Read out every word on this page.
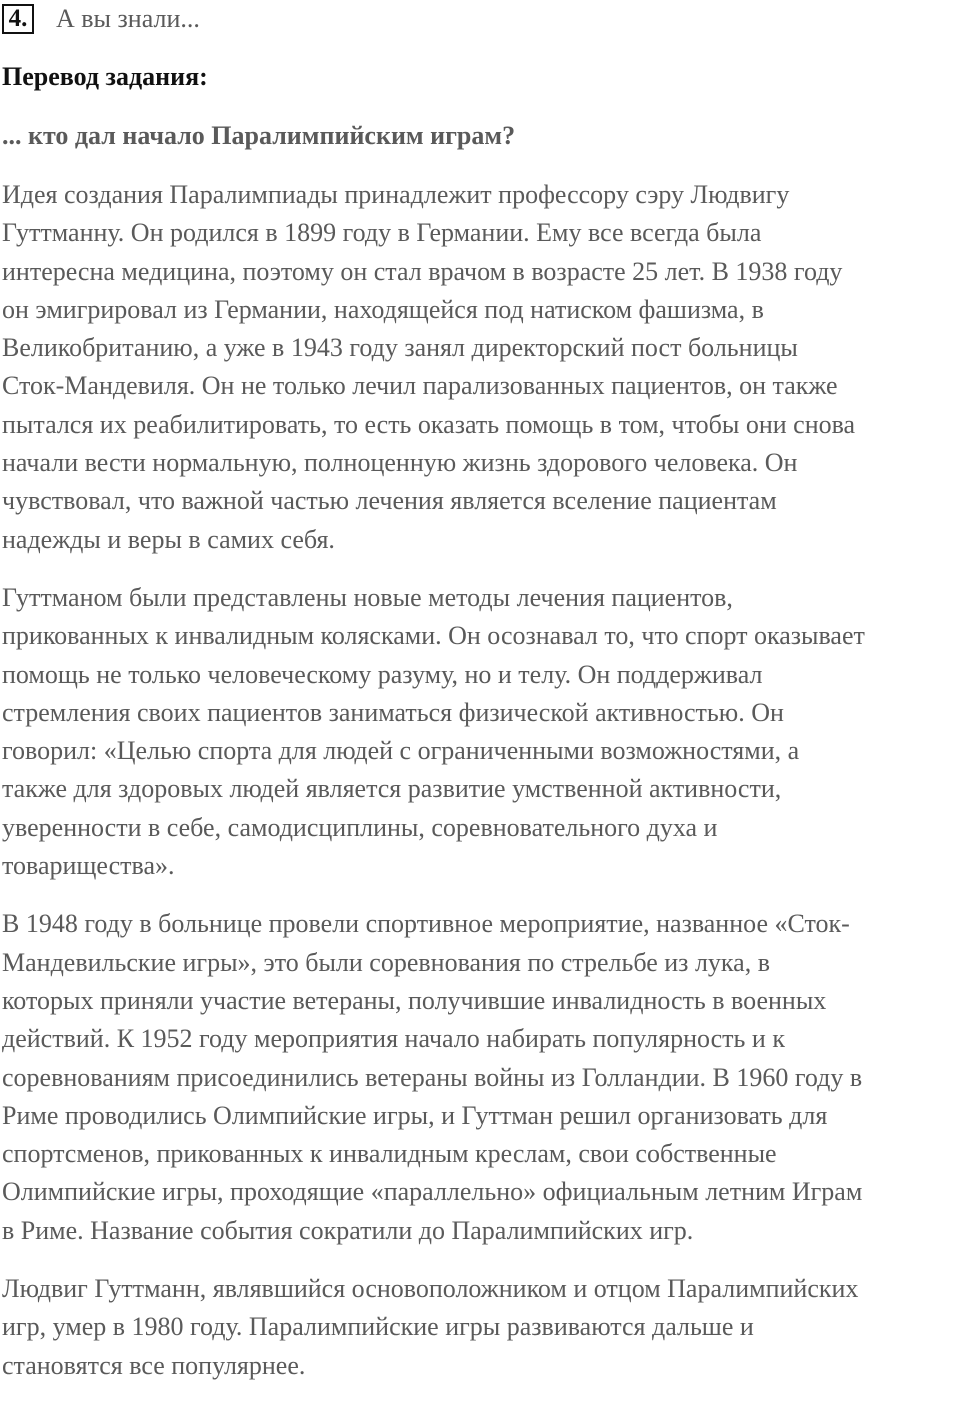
4. А вы знали...
Перевод задания:
... кто дал начало Паралимпийским играм?

Идея создания Паралимпиады принадлежит профессору сэру Людвигу
Гуттманну. Он родился в 1899 году в Германии. Ему все всегда была
интересна медицина, поэтому он стал врачом в возрасте 25 лет. В 1938 году
он эмигрировал из Германии, находящейся под натиском фашизма, в
Великобританию, а уже в 1943 году занял директорский пост больницы
Сток-Мандевиля. Он не только лечил парализованных пациентов, он также
пытался их реабилитировать, то есть оказать помощь в том, чтобы они снова
начали вести нормальную, полноценную жизнь здорового человека. Он
чувствовал, что важной частью лечения является вселение пациентам
надежды и веры в самих себя.

Гуттманом были представлены новые методы лечения пациентов,
прикованных к инвалидным колясками. Он осознавал то, что спорт оказывает
помощь не только человеческому разуму, но и телу. Он поддерживал
стремления своих пациентов заниматься физической активностью. Он
говорил: «Целью спорта для людей с ограниченными возможностями, а
также для здоровых людей является развитие умственной активности,
уверенности в себе, самодисциплины, соревновательного духа и
товарищества».

В 1948 году в больнице провели спортивное мероприятие, названное «Сток-
Мандевильские игры», это были соревнования по стрельбе из лука, в
которых приняли участие ветераны, получившие инвалидность в военных
действий. К 1952 году мероприятия начало набирать популярность и к
соревнованиям присоединились ветераны войны из Голландии. В 1960 году в
Риме проводились Олимпийские игры, и Гуттман решил организовать для
спортсменов, прикованных к инвалидным креслам, свои собственные
Олимпийские игры, проходящие «параллельно» официальным летним Играм
в Риме. Название события сократили до Паралимпийских игр.

Людвиг Гуттманн, являвшийся основоположником и отцом Паралимпийских
игр, умер в 1980 году. Паралимпийские игры развиваются дальше и
становятся все популярнее.
